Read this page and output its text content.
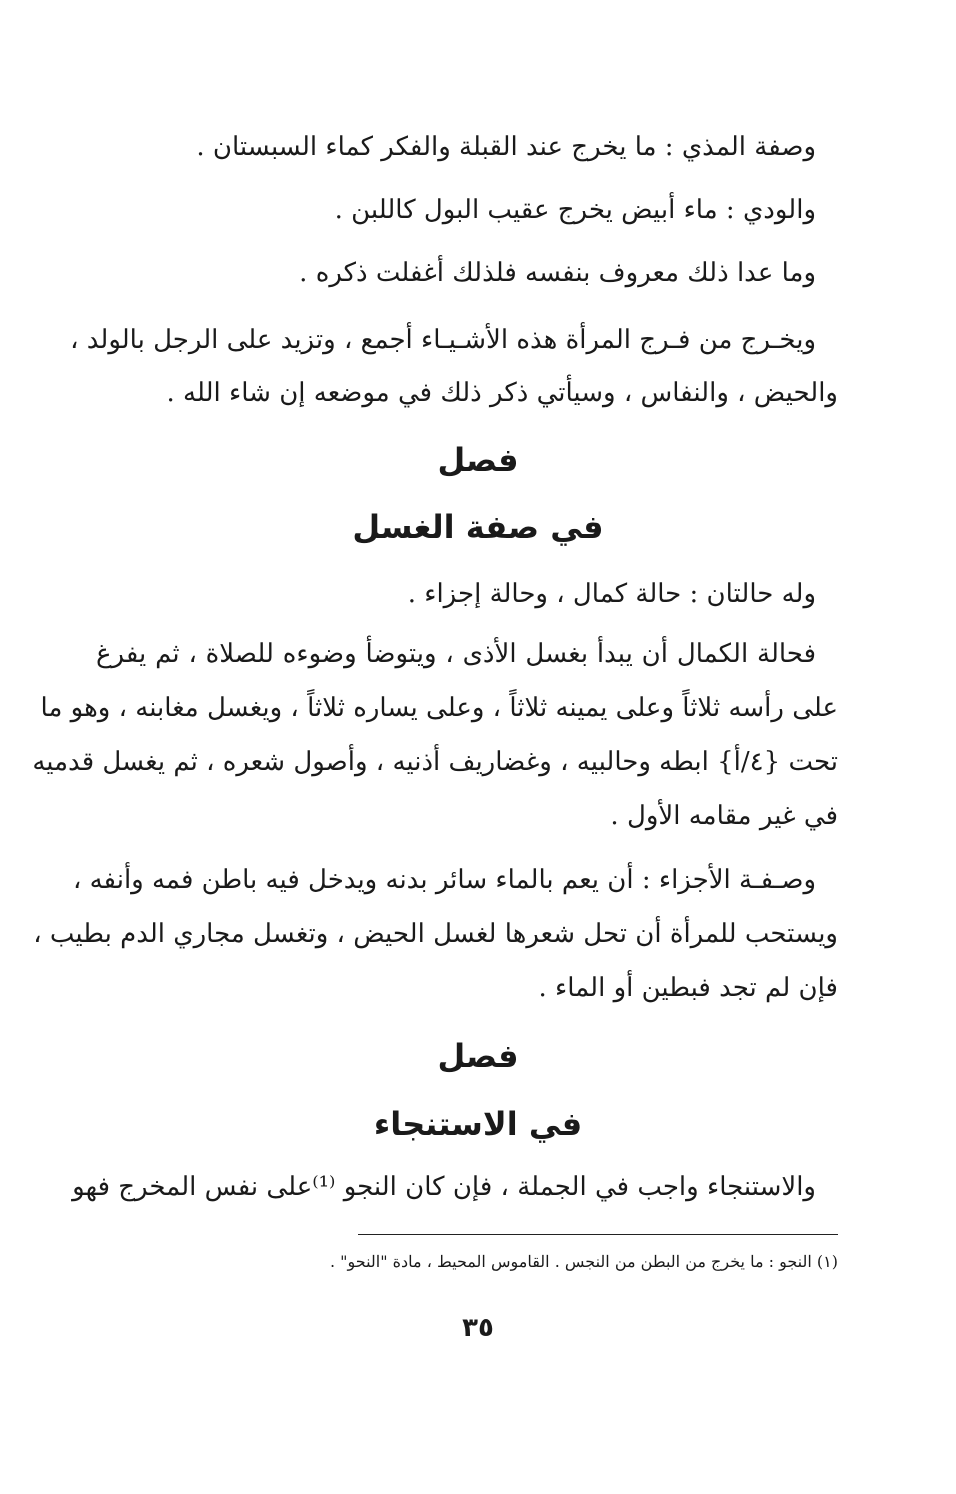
وصفة المذي : ما يخرج عند القبلة والفكر كماء السبستان .
والودي : ماء أبيض يخرج عقيب البول كاللبن .
وما عدا ذلك معروف بنفسه فلذلك أغفلت ذكره .
ويخـرج من فـرج المرأة هذه الأشـيـاء أجمع ، وتزيد على الرجل بالولد ،
والحيض ، والنفاس ، وسيأتي ذكر ذلك في موضعه إن شاء الله .
فصل
في صفة الغسل
وله حالتان : حالة كمال ، وحالة إجزاء .
فحالة الكمال أن يبدأ بغسل الأذى ، ويتوضأ وضوءه للصلاة ، ثم يفرغ
على رأسه ثلاثاً وعلى يمينه ثلاثاً ، وعلى يساره ثلاثاً ، ويغسل مغابنه ، وهو ما
تحت {٤/أ} ابطه وحالبيه ، وغضاريف أذنيه ، وأصول شعره ، ثم يغسل قدميه
في غير مقامه الأول .
وصـفـة الأجزاء : أن يعم بالماء سائر بدنه ويدخل فيه باطن فمه وأنفه ،
ويستحب للمرأة أن تحل شعرها لغسل الحيض ، وتغسل مجاري الدم بطيب ،
فإن لم تجد فبطين أو الماء .
فصل
في الاستنجاء
والاستنجاء واجب في الجملة ، فإن كان النجو ⁽¹⁾على نفس المخرج فهو
(١) النجو : ما يخرج من البطن من النجس . القاموس المحيط ، مادة "النحو" .
٣٥
